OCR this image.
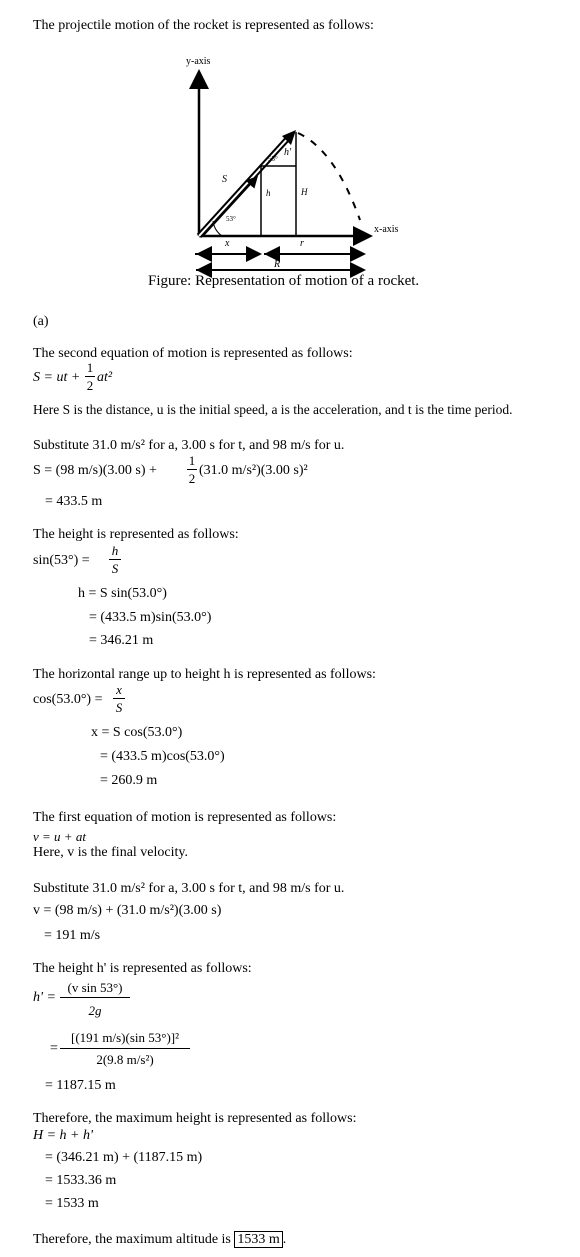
The projectile motion of the rocket is represented as follows:
y-axis
x-axis
S
h	H
h'
53°
53°
x	r
R
Figure: Representation of motion of a rocket.
(a)
The second equation of motion is represented as follows:
S = ut +
1
2
at²
Here S is the distance, u is the initial speed, a is the acceleration, and t is the time period.
Substitute 31.0 m/s² for a, 3.00 s for t, and 98 m/s for u.
S = (98 m/s)(3.00 s) +
1
2
(31.0 m/s²)(3.00 s)²
= 433.5 m
The height is represented as follows:
sin(53°) =
h
S
h = S sin(53.0°)
= (433.5 m)sin(53.0°)
= 346.21 m
The horizontal range up to height h is represented as follows:
cos(53.0°) =
x
S
x = S cos(53.0°)
= (433.5 m)cos(53.0°)
= 260.9 m
The first equation of motion is represented as follows:
v = u + at
Here, v is the final velocity.
Substitute 31.0 m/s² for a, 3.00 s for t, and 98 m/s for u.
v = (98 m/s) + (31.0 m/s²)(3.00 s)
= 191 m/s
The height h' is represented as follows:
h' =
(v sin 53°)
2g
=
[(191 m/s)(sin 53°)]²
2(9.8 m/s²)
= 1187.15 m
Therefore, the maximum height is represented as follows:
H = h + h'
= (346.21 m) + (1187.15 m)
= 1533.36 m
= 1533 m
Therefore, the maximum altitude is 1533 m .
